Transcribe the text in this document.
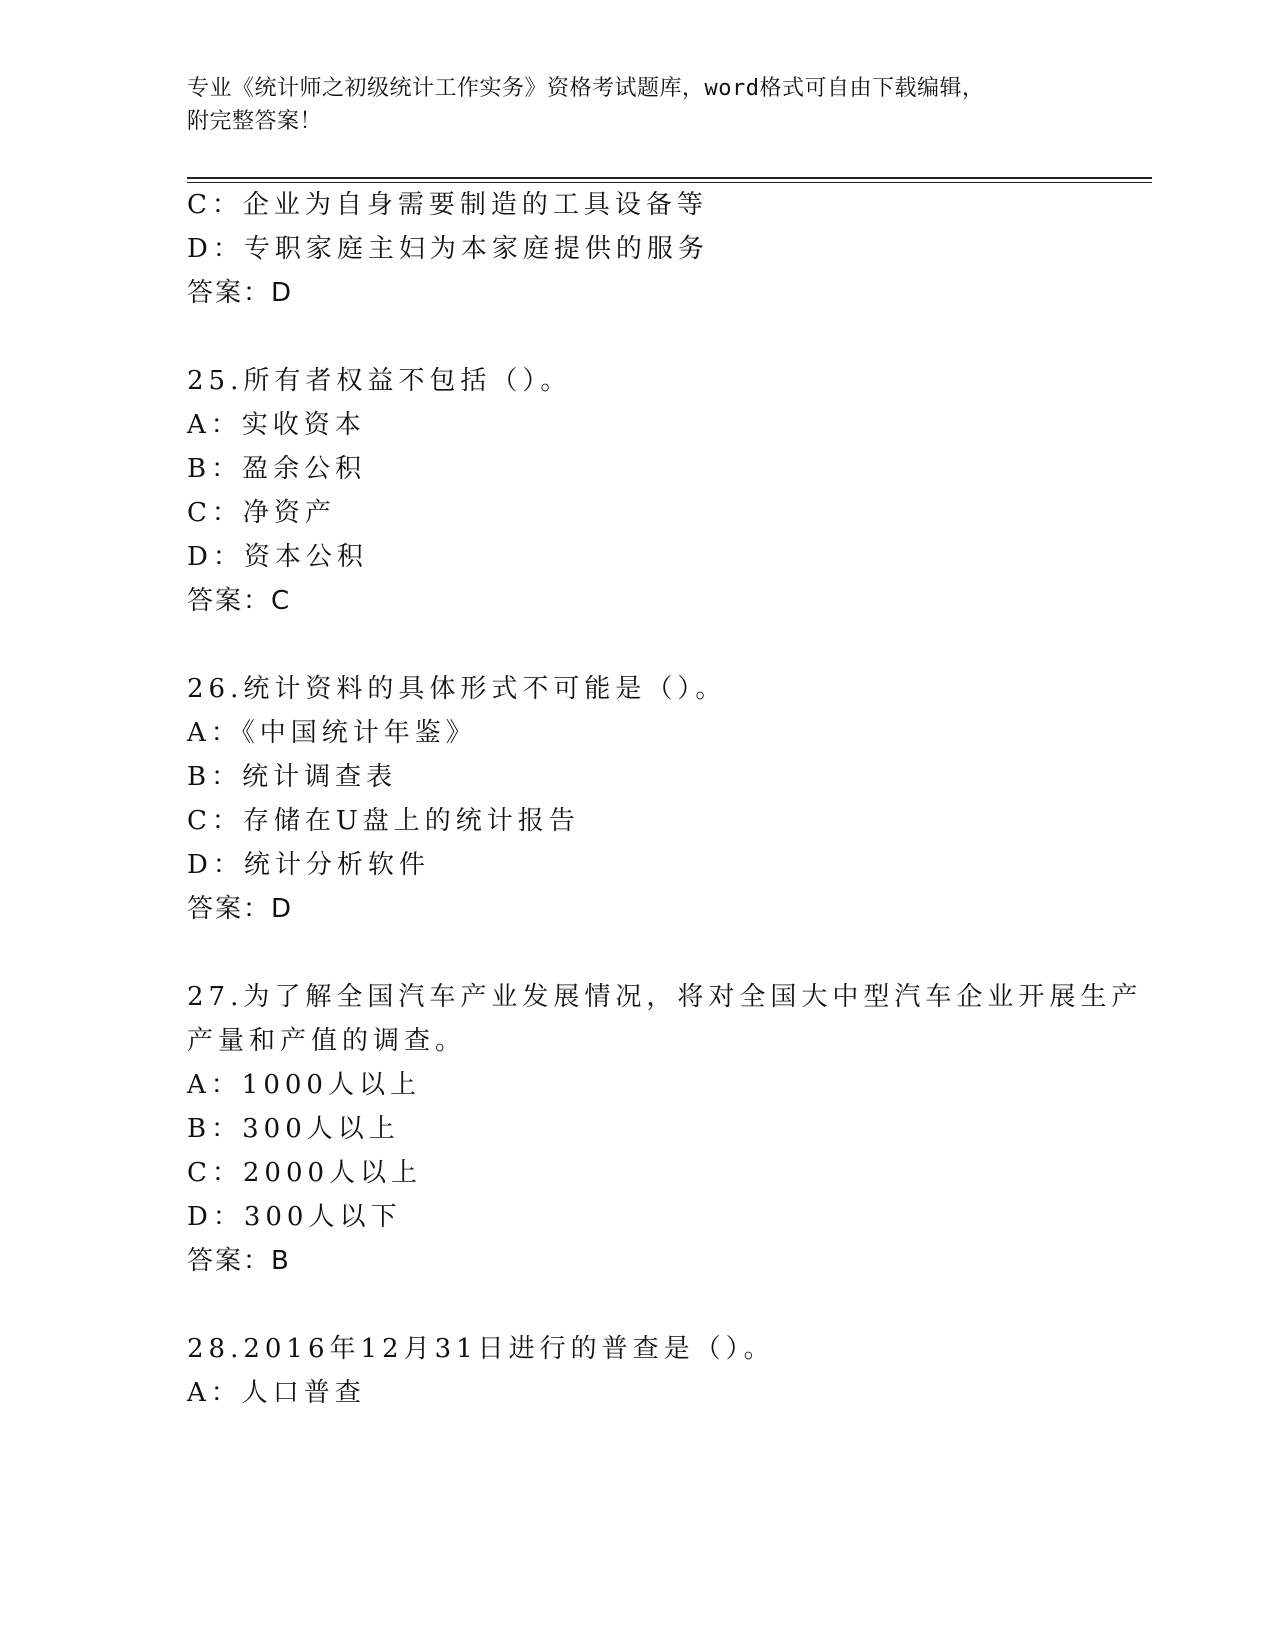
专业《统计师之初级统计工作实务》资格考试题库，word格式可自由下载编辑，
附完整答案！
C：企业为自身需要制造的工具设备等
D：专职家庭主妇为本家庭提供的服务
答案：D
25.所有者权益不包括（）。
A：实收资本
B：盈余公积
C：净资产
D：资本公积
答案：C
26.统计资料的具体形式不可能是（）。
A：《中国统计年鉴》
B：统计调查表
C：存储在U盘上的统计报告
D：统计分析软件
答案：D
27.为了解全国汽车产业发展情况，将对全国大中型汽车企业开展生产
产量和产值的调查。
A：1000人以上
B：300人以上
C：2000人以上
D：300人以下
答案：B
28.2016年12月31日进行的普查是（）。
A：人口普查
